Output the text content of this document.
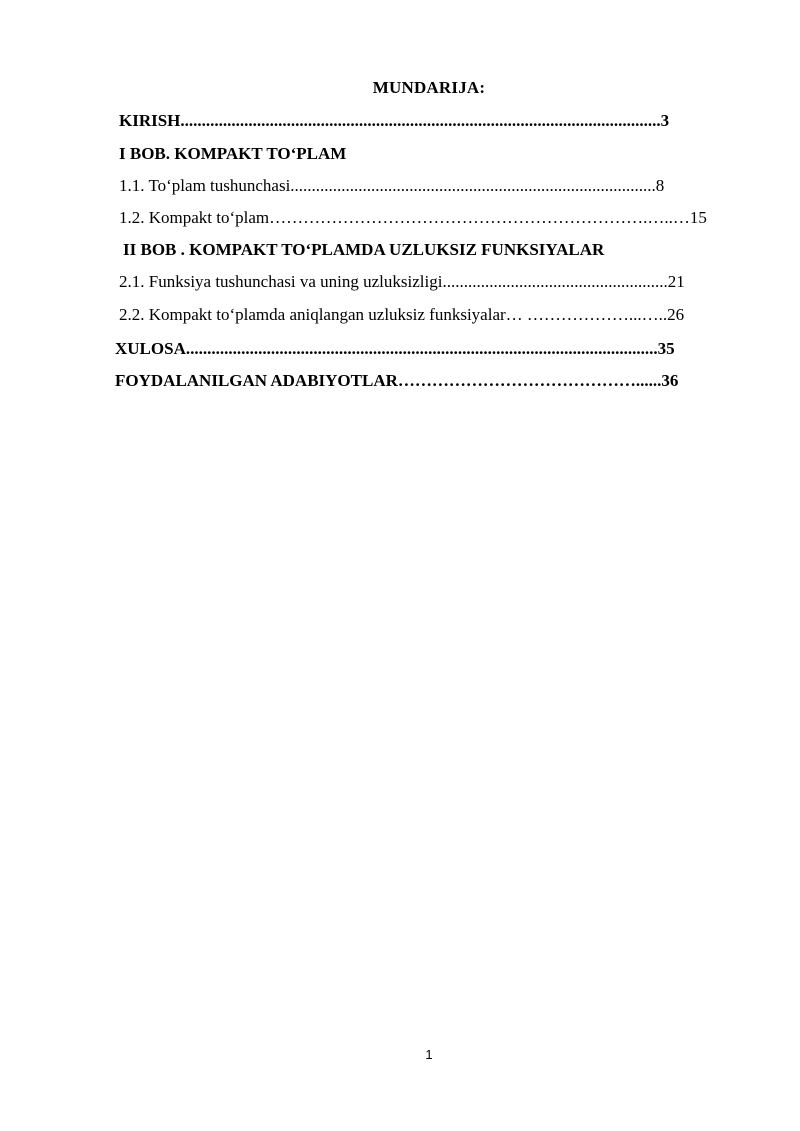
MUNDARIJA:
KIRISH.................................................................................................................3
I BOB. KOMPAKT TO‘PLAM
1.1. To‘plam tushunchasi......................................................................................8
1.2. Kompakt to‘plam………………………………………………………….…..…15
II BOB . KOMPAKT TO‘PLAMDA UZLUKSIZ FUNKSIYALAR
2.1. Funksiya tushunchasi va uning uzluksizligi.....................................................21
2.2. Kompakt to‘plamda aniqlangan uzluksiz funksiyalar… ………………...…..26
XULOSA...............................................................................................................35
FOYDALANILGAN ADABIYOTLAR……………………………………......36
1
